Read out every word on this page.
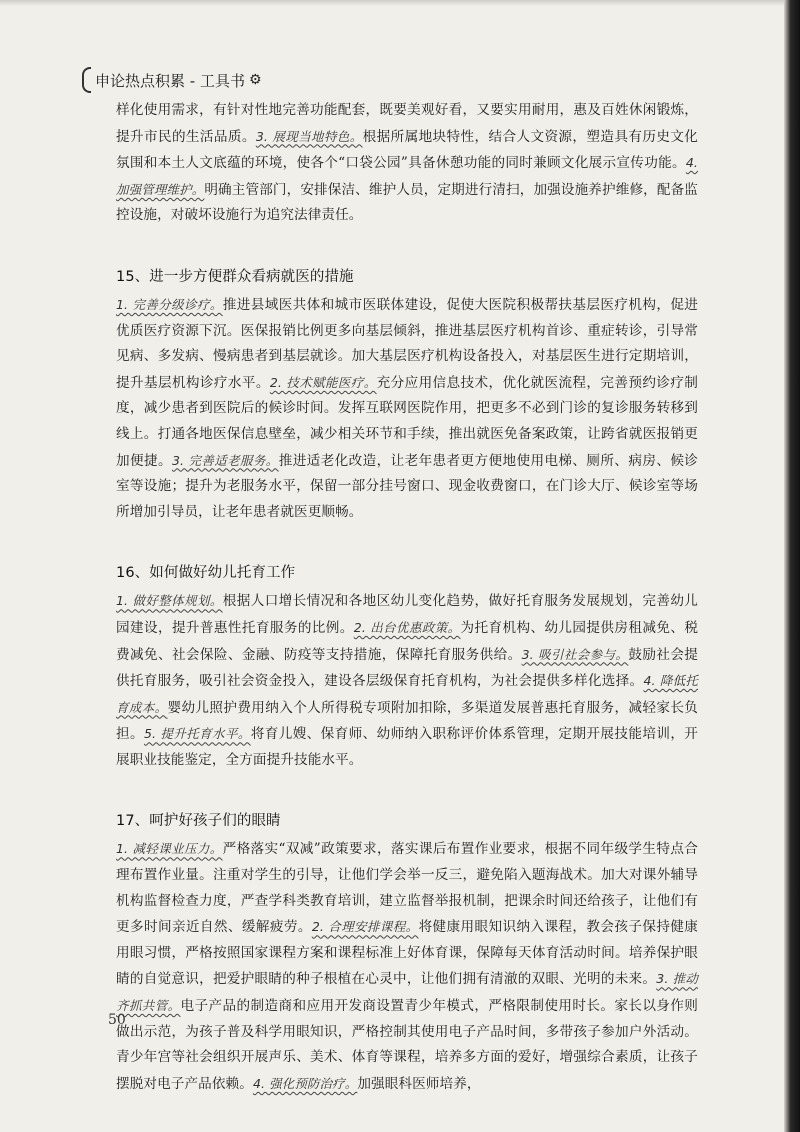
申论热点积累 - 工具书 ⚙

样化使用需求，有针对性地完善功能配套，既要美观好看，又要实用耐用，惠及百姓休闲锻炼，提升市民的生活品质。3. 展现当地特色。根据所属地块特性，结合人文资源，塑造具有历史文化氛围和本土人文底蕴的环境，使各个“口袋公园”具备休憩功能的同时兼顾文化展示宣传功能。4. 加强管理维护。明确主管部门，安排保洁、维护人员，定期进行清扫，加强设施养护维修，配备监控设施，对破坏设施行为追究法律责任。

15、进一步方便群众看病就医的措施

1. 完善分级诊疗。推进县域医共体和城市医联体建设，促使大医院积极帮扶基层医疗机构，促进优质医疗资源下沉。医保报销比例更多向基层倾斜，推进基层医疗机构首诊、重症转诊，引导常见病、多发病、慢病患者到基层就诊。加大基层医疗机构设备投入，对基层医生进行定期培训，提升基层机构诊疗水平。2. 技术赋能医疗。充分应用信息技术，优化就医流程，完善预约诊疗制度，减少患者到医院后的候诊时间。发挥互联网医院作用，把更多不必到门诊的复诊服务转移到线上。打通各地医保信息壁垒，减少相关环节和手续，推出就医免备案政策，让跨省就医报销更加便捷。3. 完善适老服务。推进适老化改造，让老年患者更方便地使用电梯、厕所、病房、候诊室等设施；提升为老服务水平，保留一部分挂号窗口、现金收费窗口，在门诊大厅、候诊室等场所增加引导员，让老年患者就医更顺畅。

16、如何做好幼儿托育工作

1. 做好整体规划。根据人口增长情况和各地区幼儿变化趋势，做好托育服务发展规划，完善幼儿园建设，提升普惠性托育服务的比例。2. 出台优惠政策。为托育机构、幼儿园提供房租减免、税费减免、社会保险、金融、防疫等支持措施，保障托育服务供给。3. 吸引社会参与。鼓励社会提供托育服务，吸引社会资金投入，建设各层级保育托育机构，为社会提供多样化选择。4. 降低托育成本。婴幼儿照护费用纳入个人所得税专项附加扣除，多渠道发展普惠托育服务，减轻家长负担。5. 提升托育水平。将育儿嫂、保育师、幼师纳入职称评价体系管理，定期开展技能培训，开展职业技能鉴定，全方面提升技能水平。

17、呵护好孩子们的眼睛

1. 减轻课业压力。严格落实“双减”政策要求，落实课后布置作业要求，根据不同年级学生特点合理布置作业量。注重对学生的引导，让他们学会举一反三，避免陷入题海战术。加大对课外辅导机构监督检查力度，严查学科类教育培训，建立监督举报机制，把课余时间还给孩子，让他们有更多时间亲近自然、缓解疲劳。2. 合理安排课程。将健康用眼知识纳入课程，教会孩子保持健康用眼习惯，严格按照国家课程方案和课程标准上好体育课，保障每天体育活动时间。培养保护眼睛的自觉意识，把爱护眼睛的种子根植在心灵中，让他们拥有清澈的双眼、光明的未来。3. 推动齐抓共管。电子产品的制造商和应用开发商设置青少年模式，严格限制使用时长。家长以身作则做出示范，为孩子普及科学用眼知识，严格控制其使用电子产品时间，多带孩子参加户外活动。青少年宫等社会组织开展声乐、美术、体育等课程，培养多方面的爱好，增强综合素质，让孩子摆脱对电子产品依赖。4. 强化预防治疗。加强眼科医师培养，

50
